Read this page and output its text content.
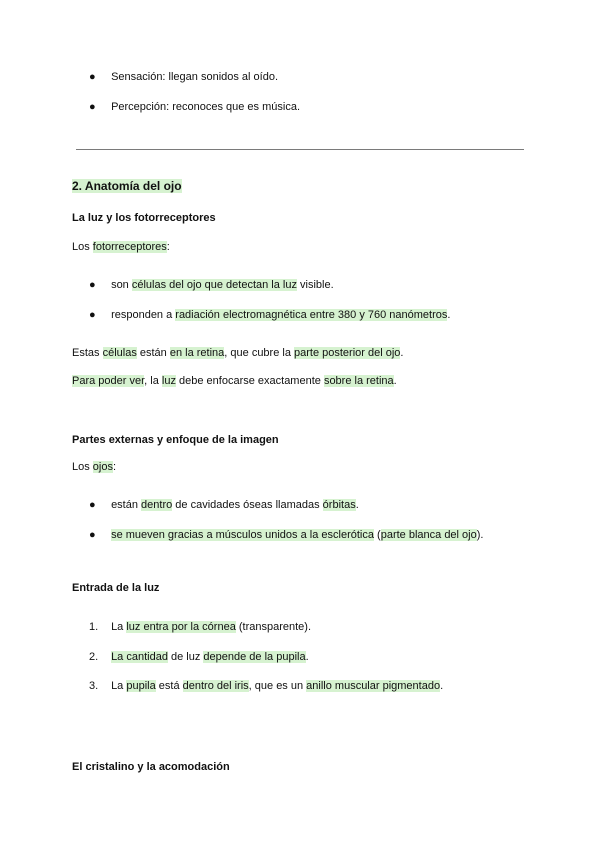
● Sensación: llegan sonidos al oído.
● Percepción: reconoces que es música.
2. Anatomía del ojo
La luz y los fotorreceptores
Los fotorreceptores:
● son células del ojo que detectan la luz visible.
● responden a radiación electromagnética entre 380 y 760 nanómetros.
Estas células están en la retina, que cubre la parte posterior del ojo.
Para poder ver, la luz debe enfocarse exactamente sobre la retina.
Partes externas y enfoque de la imagen
Los ojos:
● están dentro de cavidades óseas llamadas órbitas.
● se mueven gracias a músculos unidos a la esclerótica (parte blanca del ojo).
Entrada de la luz
1. La luz entra por la córnea (transparente).
2. La cantidad de luz depende de la pupila.
3. La pupila está dentro del iris, que es un anillo muscular pigmentado.
El cristalino y la acomodación
